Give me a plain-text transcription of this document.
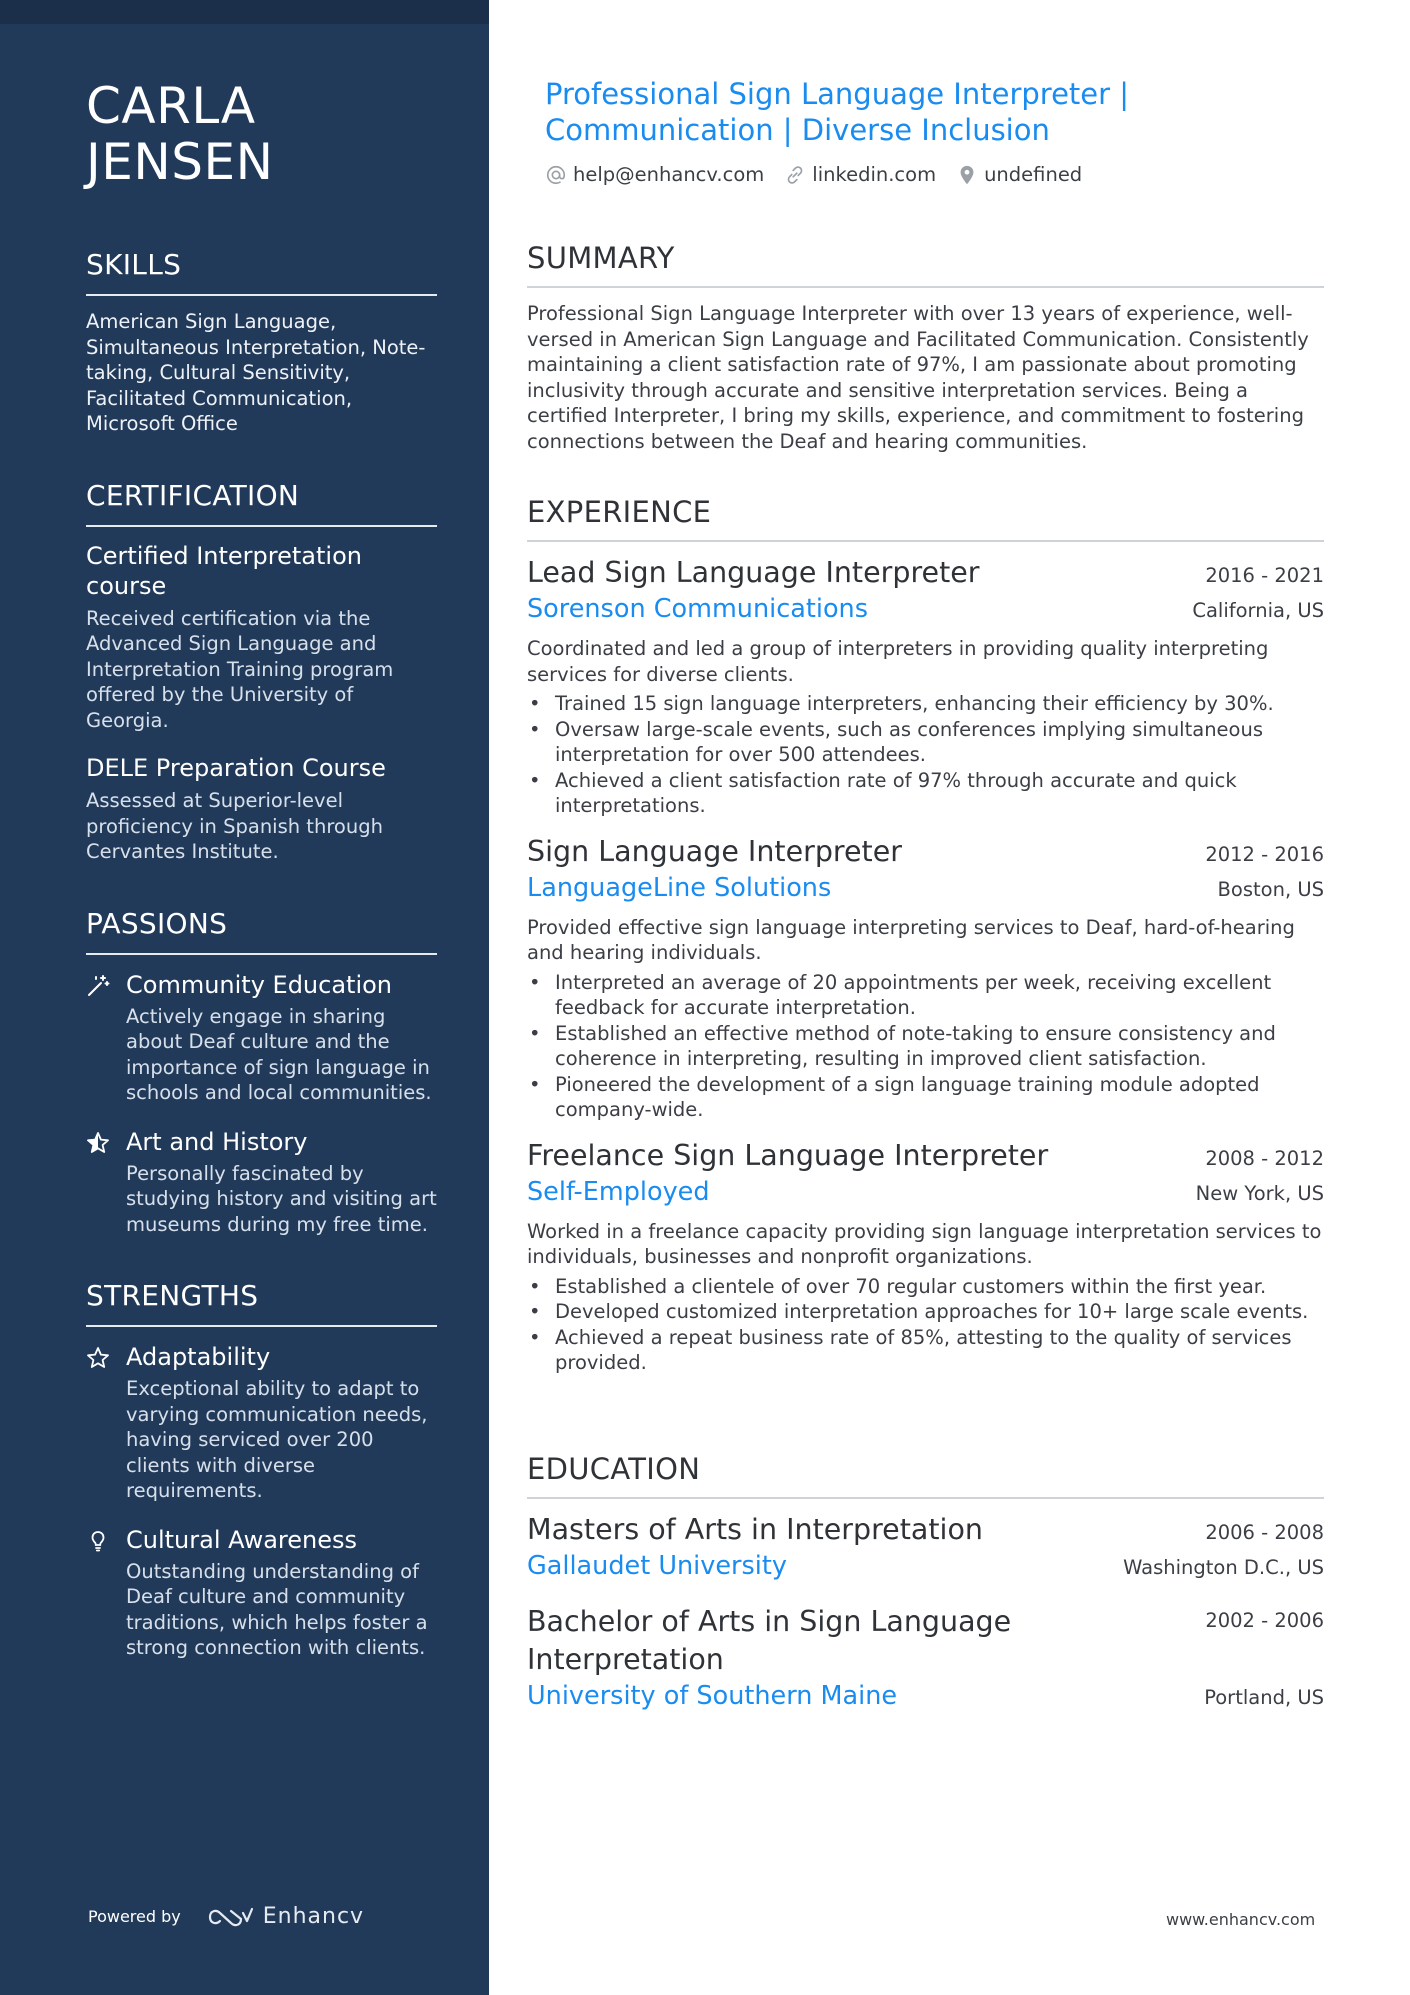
CARLA
JENSEN
SKILLS
American Sign Language, Simultaneous Interpretation, Note-taking, Cultural Sensitivity, Facilitated Communication, Microsoft Office
CERTIFICATION
Certified Interpretation course
Received certification via the Advanced Sign Language and Interpretation Training program offered by the University of Georgia.
DELE Preparation Course
Assessed at Superior-level proficiency in Spanish through Cervantes Institute.
PASSIONS
Community Education
Actively engage in sharing about Deaf culture and the importance of sign language in schools and local communities.
Art and History
Personally fascinated by studying history and visiting art museums during my free time.
STRENGTHS
Adaptability
Exceptional ability to adapt to varying communication needs, having serviced over 200 clients with diverse requirements.
Cultural Awareness
Outstanding understanding of Deaf culture and community traditions, which helps foster a strong connection with clients.
Powered by	Enhancv
Professional Sign Language Interpreter | Communication | Diverse Inclusion
help@enhancv.com linkedin.com undefined
SUMMARY
Professional Sign Language Interpreter with over 13 years of experience, well-versed in American Sign Language and Facilitated Communication. Consistently maintaining a client satisfaction rate of 97%, I am passionate about promoting inclusivity through accurate and sensitive interpretation services. Being a certified Interpreter, I bring my skills, experience, and commitment to fostering connections between the Deaf and hearing communities.
EXPERIENCE
Lead Sign Language Interpreter	2016 - 2021
Sorenson Communications	California, US
Coordinated and led a group of interpreters in providing quality interpreting services for diverse clients.
• Trained 15 sign language interpreters, enhancing their efficiency by 30%.
• Oversaw large-scale events, such as conferences implying simultaneous interpretation for over 500 attendees.
• Achieved a client satisfaction rate of 97% through accurate and quick interpretations.
Sign Language Interpreter	2012 - 2016
LanguageLine Solutions	Boston, US
Provided effective sign language interpreting services to Deaf, hard-of-hearing and hearing individuals.
• Interpreted an average of 20 appointments per week, receiving excellent feedback for accurate interpretation.
• Established an effective method of note-taking to ensure consistency and coherence in interpreting, resulting in improved client satisfaction.
• Pioneered the development of a sign language training module adopted company-wide.
Freelance Sign Language Interpreter	2008 - 2012
Self-Employed	New York, US
Worked in a freelance capacity providing sign language interpretation services to individuals, businesses and nonprofit organizations.
• Established a clientele of over 70 regular customers within the first year.
• Developed customized interpretation approaches for 10+ large scale events.
• Achieved a repeat business rate of 85%, attesting to the quality of services provided.
EDUCATION
Masters of Arts in Interpretation	2006 - 2008
Gallaudet University	Washington D.C., US
Bachelor of Arts in Sign Language Interpretation
2002 - 2006
University of Southern Maine	Portland, US
www.enhancv.com
